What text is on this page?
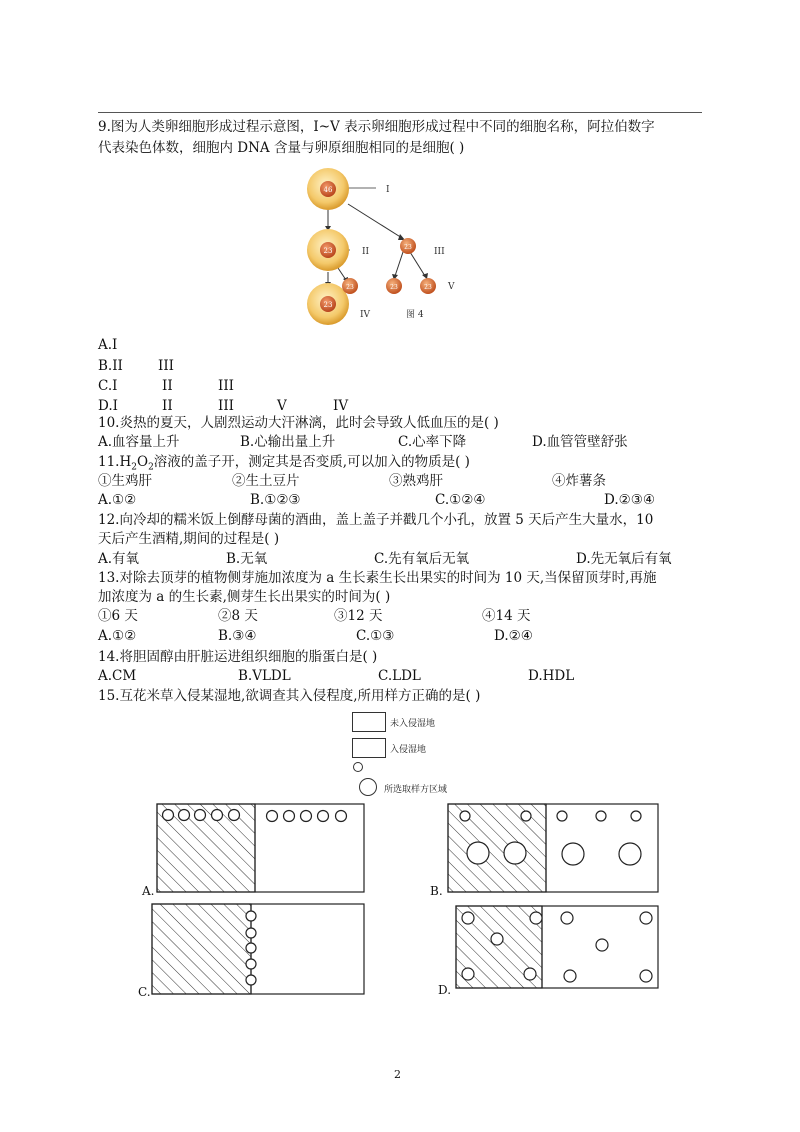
9.图为人类卵细胞形成过程示意图，I~V 表示卵细胞形成过程中不同的细胞名称，阿拉伯数字
代表染色体数，细胞内 DNA 含量与卵原细胞相同的是细胞( )
46
23	23
23
23	23	23
I
II	III
IV
V
图 4
A.I
B.II	III
C.I	II	III
D.I	II	III	V	IV
10.炎热的夏天，人剧烈运动大汗淋漓，此时会导致人低血压的是( )
A.血容量上升	B.心输出量上升	C.心率下降	D.血管管壁舒张
$11.H_2O_2$溶液的盖子开，测定其是否变质,可以加入的物质是( )
①生鸡肝	②生土豆片	③熟鸡肝	④炸薯条
A.①②	B.①②③	C.①②④	D.②③④
12.向冷却的糯米饭上倒酵母菌的酒曲，盖上盖子并戳几个小孔，放置 5 天后产生大量水，10
天后产生酒精,期间的过程是( )
A.有氧	B.无氧	C.先有氧后无氧	D.先无氧后有氧
13.对除去顶芽的植物侧芽施加浓度为 a 生长素生长出果实的时间为 10 天,当保留顶芽时,再施
加浓度为 a 的生长素,侧芽生长出果实的时间为( )
①6 天	②8 天	③12 天	④14 天
A.①②	B.③④	C.①③	D.②④
14.将胆固醇由肝脏运进组织细胞的脂蛋白是( )
A.CM	B.VLDL	C.LDL	D.HDL
15.互花米草入侵某湿地,欲调查其入侵程度,所用样方正确的是( )
未入侵湿地
入侵湿地
所选取样方区域
A.	B.
C.	D.
2
